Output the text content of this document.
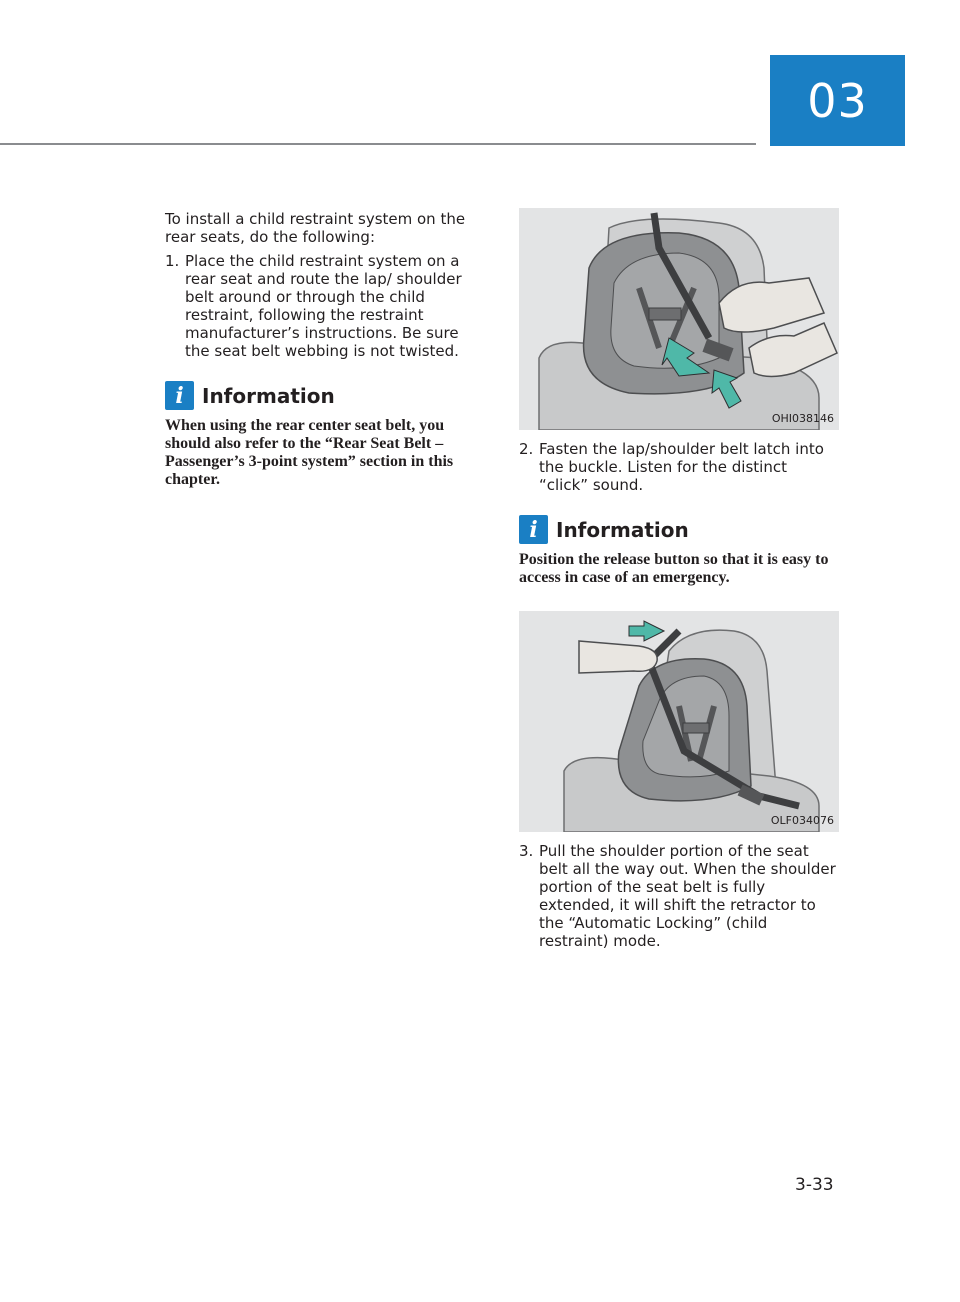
03

To install a child restraint system on the rear seats, do the following:

1. Place the child restraint system on a rear seat and route the lap/ shoulder belt around or through the child restraint, following the restraint manufacturer’s instructions. Be sure the seat belt webbing is not twisted.
i Information

When using the rear center seat belt, you should also refer to the “Rear Seat Belt – Passenger’s 3-point system” section in this chapter.

OHI038146
2. Fasten the lap/shoulder belt latch into the buckle. Listen for the distinct “click” sound.
i Information

Position the release button so that it is easy to access in case of an emergency.

OLF034076
3. Pull the shoulder portion of the seat belt all the way out. When the shoulder portion of the seat belt is fully extended, it will shift the retractor to the “Automatic Locking” (child restraint) mode.
3-33
